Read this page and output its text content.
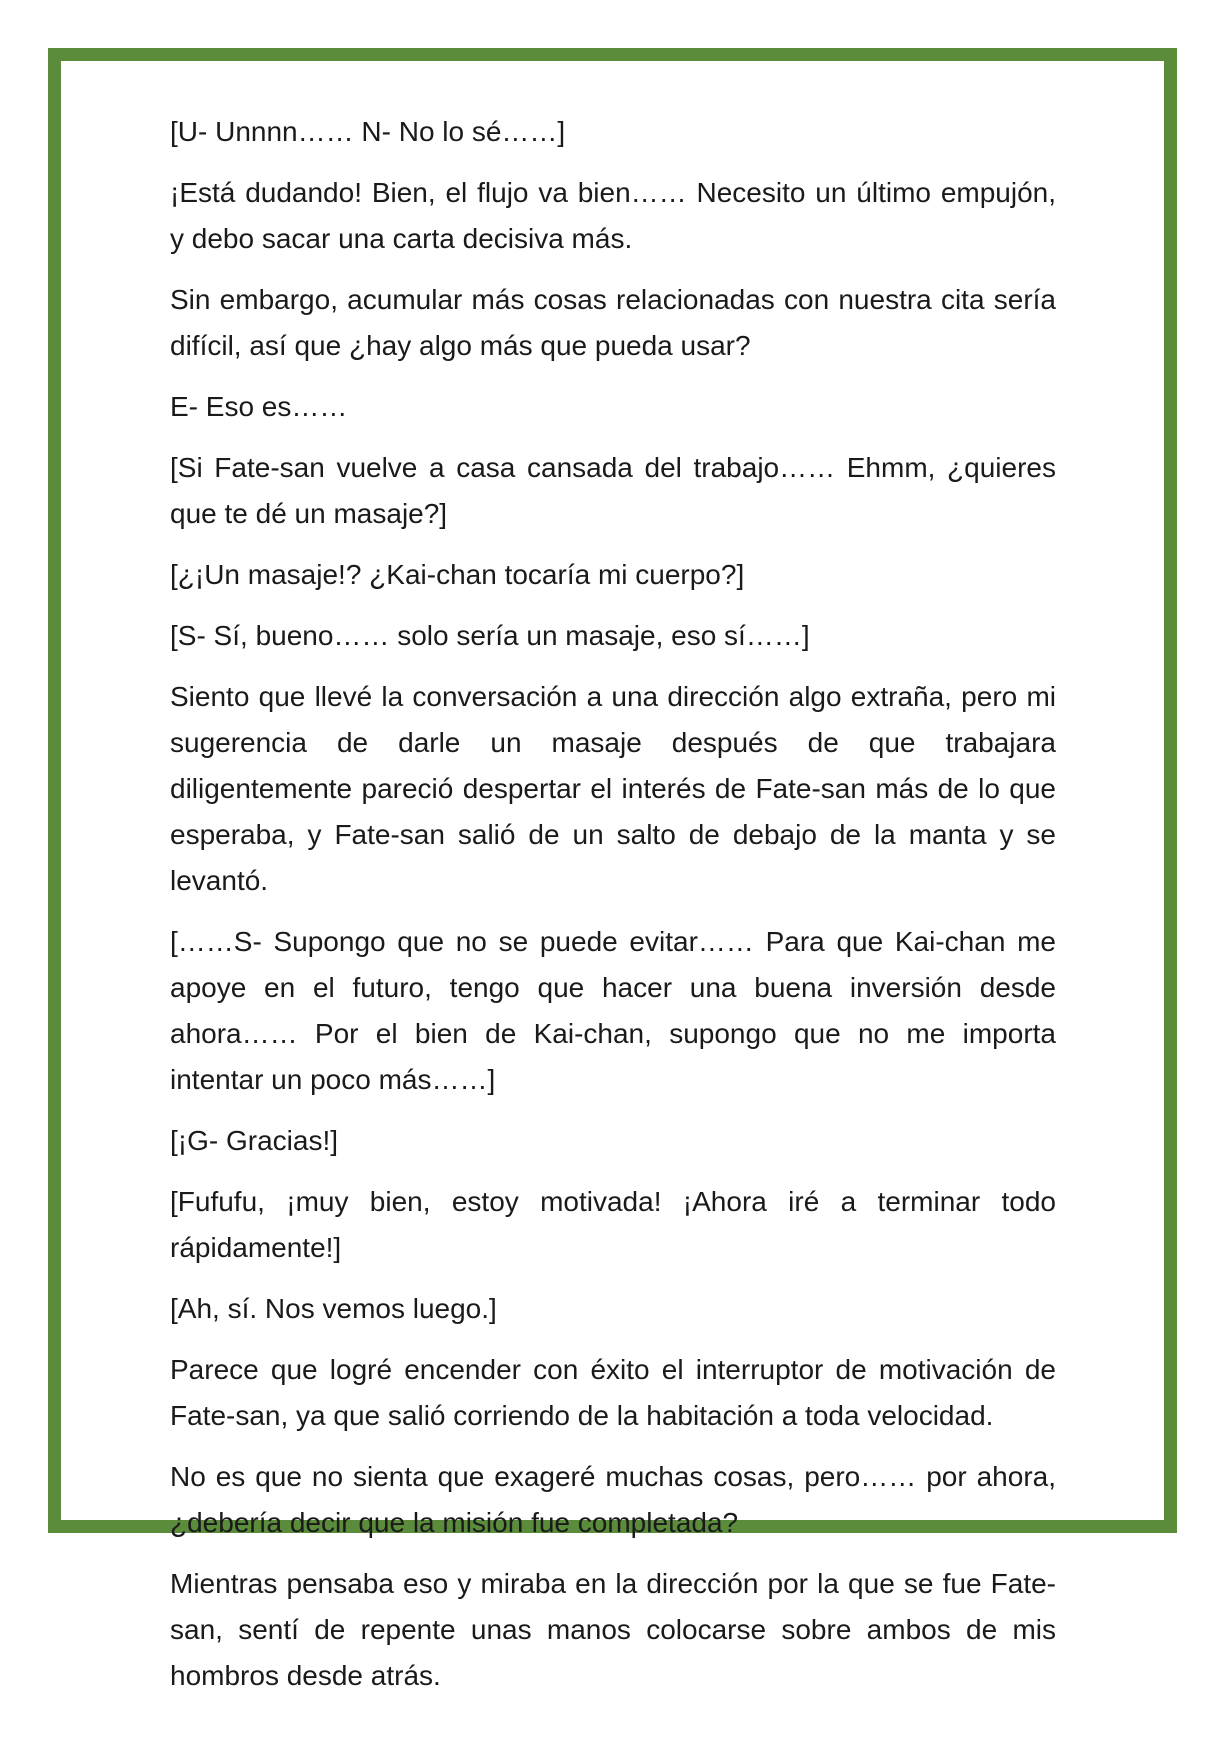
[U- Unnnn…… N- No lo sé……]

¡Está dudando! Bien, el flujo va bien…… Necesito un último empujón, y debo sacar una carta decisiva más.

Sin embargo, acumular más cosas relacionadas con nuestra cita sería difícil, así que ¿hay algo más que pueda usar?

E- Eso es……

[Si Fate-san vuelve a casa cansada del trabajo…… Ehmm, ¿quieres que te dé un masaje?]

[¿¡Un masaje!? ¿Kai-chan tocaría mi cuerpo?]

[S- Sí, bueno…… solo sería un masaje, eso sí……]

Siento que llevé la conversación a una dirección algo extraña, pero mi sugerencia de darle un masaje después de que trabajara diligentemente pareció despertar el interés de Fate-san más de lo que esperaba, y Fate-san salió de un salto de debajo de la manta y se levantó.

[……S- Supongo que no se puede evitar…… Para que Kai-chan me apoye en el futuro, tengo que hacer una buena inversión desde ahora…… Por el bien de Kai-chan, supongo que no me importa intentar un poco más……]

[¡G- Gracias!]

[Fufufu, ¡muy bien, estoy motivada! ¡Ahora iré a terminar todo rápidamente!]

[Ah, sí. Nos vemos luego.]

Parece que logré encender con éxito el interruptor de motivación de Fate-san, ya que salió corriendo de la habitación a toda velocidad.

No es que no sienta que exageré muchas cosas, pero…… por ahora, ¿debería decir que la misión fue completada?

Mientras pensaba eso y miraba en la dirección por la que se fue Fate-san, sentí de repente unas manos colocarse sobre ambos de mis hombros desde atrás.
